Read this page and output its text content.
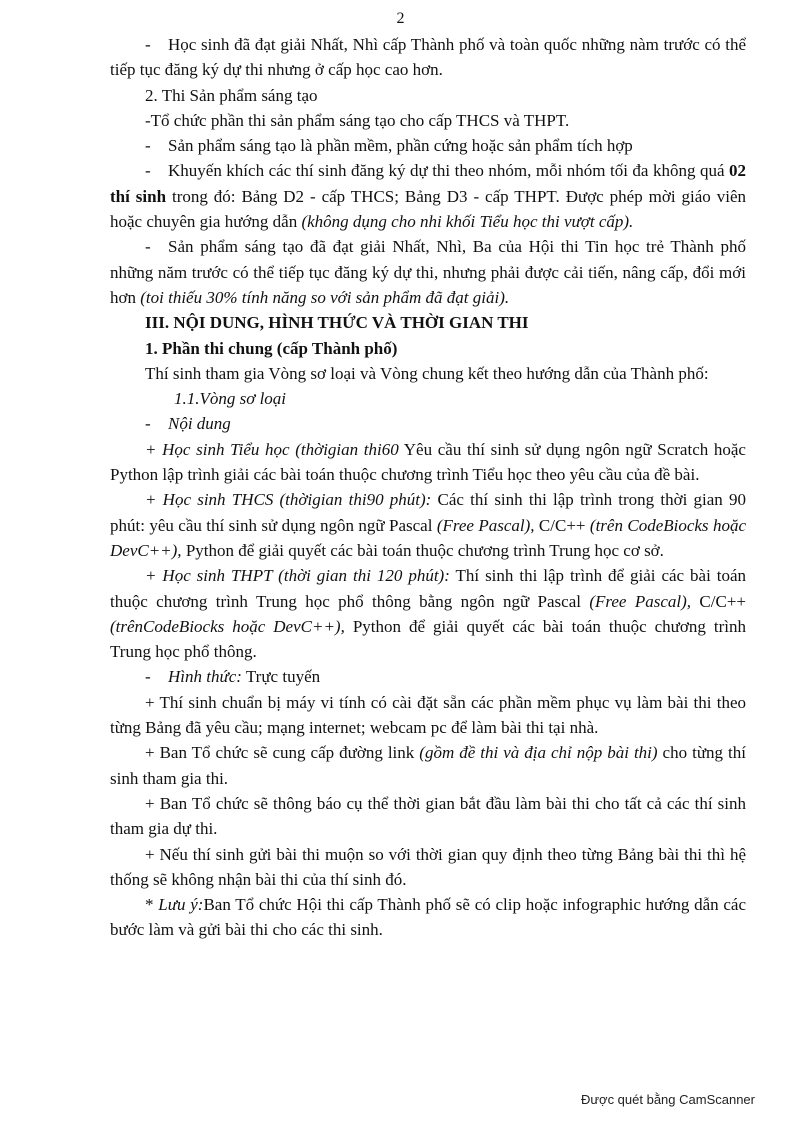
2

- Học sinh đã đạt giải Nhất, Nhì cấp Thành phố và toàn quốc những nàm trước có thể tiếp tục đăng ký dự thi nhưng ở cấp học cao hơn.

2. Thi Sản phẩm sáng tạo

-Tổ chức phần thi sản phẩm sáng tạo cho cấp THCS và THPT.

- Sản phẩm sáng tạo là phần mềm, phần cứng hoặc sản phẩm tích hợp

- Khuyến khích các thí sinh đăng ký dự thi theo nhóm, mỗi nhóm tối đa không quá 02 thí sinh trong đó: Bảng D2 - cấp THCS; Bảng D3 - cấp THPT. Được phép mời giáo viên hoặc chuyên gia hướng dẫn (không dụng cho nhi khối Tiểu học thi vượt cấp).

- Sản phẩm sáng tạo đã đạt giải Nhất, Nhì, Ba của Hội thi Tin học trẻ Thành phố những năm trước có thể tiếp tục đăng ký dự thi, nhưng phải được cải tiến, nâng cấp, đổi mới hơn (toi thiếu 30% tính năng so với sản phẩm đã đạt giải).

III. NỘI DUNG, HÌNH THỨC VÀ THỜI GIAN THI

1. Phần thi chung (cấp Thành phố)

Thí sinh tham gia Vòng sơ loại và Vòng chung kết theo hướng dẫn của Thành phố:

1.1.Vòng sơ loại

- Nội dung

+ Học sinh Tiểu học (thờigian thi60 Yêu cầu thí sinh sử dụng ngôn ngữ Scratch hoặc Python lập trình giải các bài toán thuộc chương trình Tiểu học theo yêu cầu của đề bài.

+ Học sinh THCS (thờigian thi90 phút): Các thí sinh thi lập trình trong thời gian 90 phút: yêu cầu thí sinh sử dụng ngôn ngữ Pascal (Free Pascal), C/C++ (trên CodeBiocks hoặc DevC++), Python để giải quyết các bài toán thuộc chương trình Trung học cơ sở.

+ Học sinh THPT (thời gian thi 120 phút): Thí sinh thi lập trình để giải các bài toán thuộc chương trình Trung học phổ thông bằng ngôn ngữ Pascal (Free Pascal), C/C++ (trênCodeBiocks hoặc DevC++), Python để giải quyết các bài toán thuộc chương trình Trung học phổ thông.

- Hình thức: Trực tuyến

+ Thí sinh chuẩn bị máy vi tính có cài đặt sẵn các phần mềm phục vụ làm bài thi theo từng Bảng đã yêu cầu; mạng internet; webcam pc để làm bài thi tại nhà.

+ Ban Tổ chức sẽ cung cấp đường link (gồm đề thi và địa chỉ nộp bài thi) cho từng thí sinh tham gia thi.

+ Ban Tổ chức sẽ thông báo cụ thể thời gian bắt đầu làm bài thi cho tất cả các thí sinh tham gia dự thi.

+ Nếu thí sinh gửi bài thi muộn so với thời gian quy định theo từng Bảng bài thi thì hệ thống sẽ không nhận bài thi của thí sinh đó.

* Lưu ý:Ban Tổ chức Hội thi cấp Thành phố sẽ có clip hoặc infographic hướng dẫn các bước làm và gửi bài thi cho các thi sinh.

Được quét bằng CamScanner
